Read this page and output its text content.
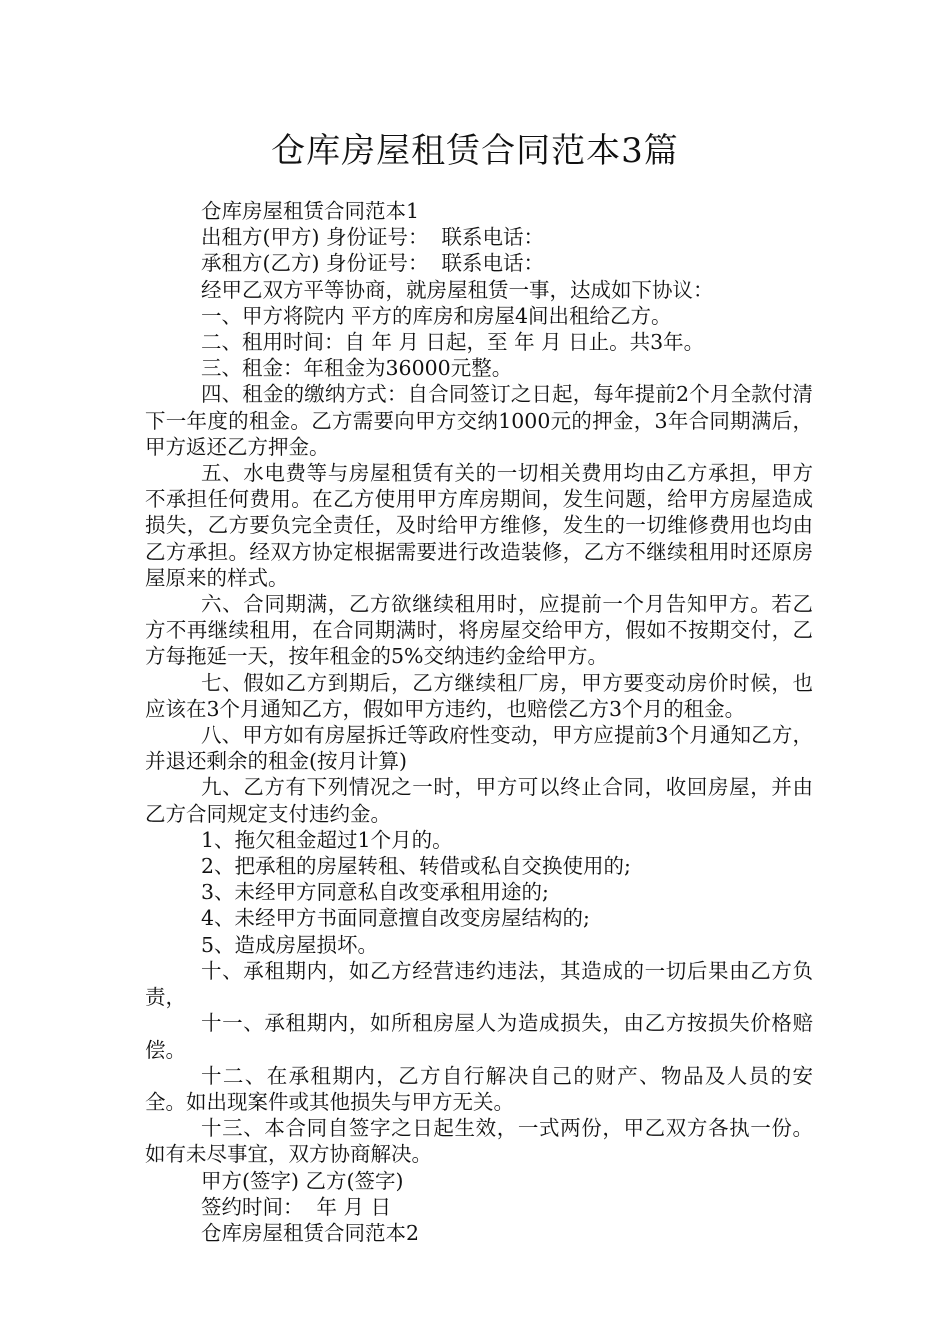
仓库房屋租赁合同范本3篇

仓库房屋租赁合同范本1

出租方(甲方) 身份证号：  联系电话：

承租方(乙方) 身份证号：  联系电话：

经甲乙双方平等协商，就房屋租赁一事，达成如下协议：

一、甲方将院内 平方的库房和房屋4间出租给乙方。

二、租用时间：自 年 月 日起，至 年 月 日止。共3年。

三、租金：年租金为36000元整。

四、租金的缴纳方式：自合同签订之日起，每年提前2个月全款付清下一年度的租金。乙方需要向甲方交纳1000元的押金，3年合同期满后，甲方返还乙方押金。

五、水电费等与房屋租赁有关的一切相关费用均由乙方承担，甲方不承担任何费用。在乙方使用甲方库房期间，发生问题，给甲方房屋造成损失，乙方要负完全责任，及时给甲方维修，发生的一切维修费用也均由乙方承担。经双方协定根据需要进行改造装修，乙方不继续租用时还原房屋原来的样式。

六、合同期满，乙方欲继续租用时，应提前一个月告知甲方。若乙方不再继续租用，在合同期满时，将房屋交给甲方，假如不按期交付，乙方每拖延一天，按年租金的5%交纳违约金给甲方。

七、假如乙方到期后，乙方继续租厂房，甲方要变动房价时候，也应该在3个月通知乙方，假如甲方违约，也赔偿乙方3个月的租金。

八、甲方如有房屋拆迁等政府性变动，甲方应提前3个月通知乙方，并退还剩余的租金(按月计算)

九、乙方有下列情况之一时，甲方可以终止合同，收回房屋，并由乙方合同规定支付违约金。

1、拖欠租金超过1个月的。

2、把承租的房屋转租、转借或私自交换使用的;

3、未经甲方同意私自改变承租用途的;

4、未经甲方书面同意擅自改变房屋结构的;

5、造成房屋损坏。

十、承租期内，如乙方经营违约违法，其造成的一切后果由乙方负责，

十一、承租期内，如所租房屋人为造成损失，由乙方按损失价格赔偿。

十二、在承租期内，乙方自行解决自己的财产、物品及人员的安全。如出现案件或其他损失与甲方无关。

十三、本合同自签字之日起生效，一式两份，甲乙双方各执一份。如有未尽事宜，双方协商解决。

甲方(签字) 乙方(签字)

签约时间：  年 月 日

仓库房屋租赁合同范本2
